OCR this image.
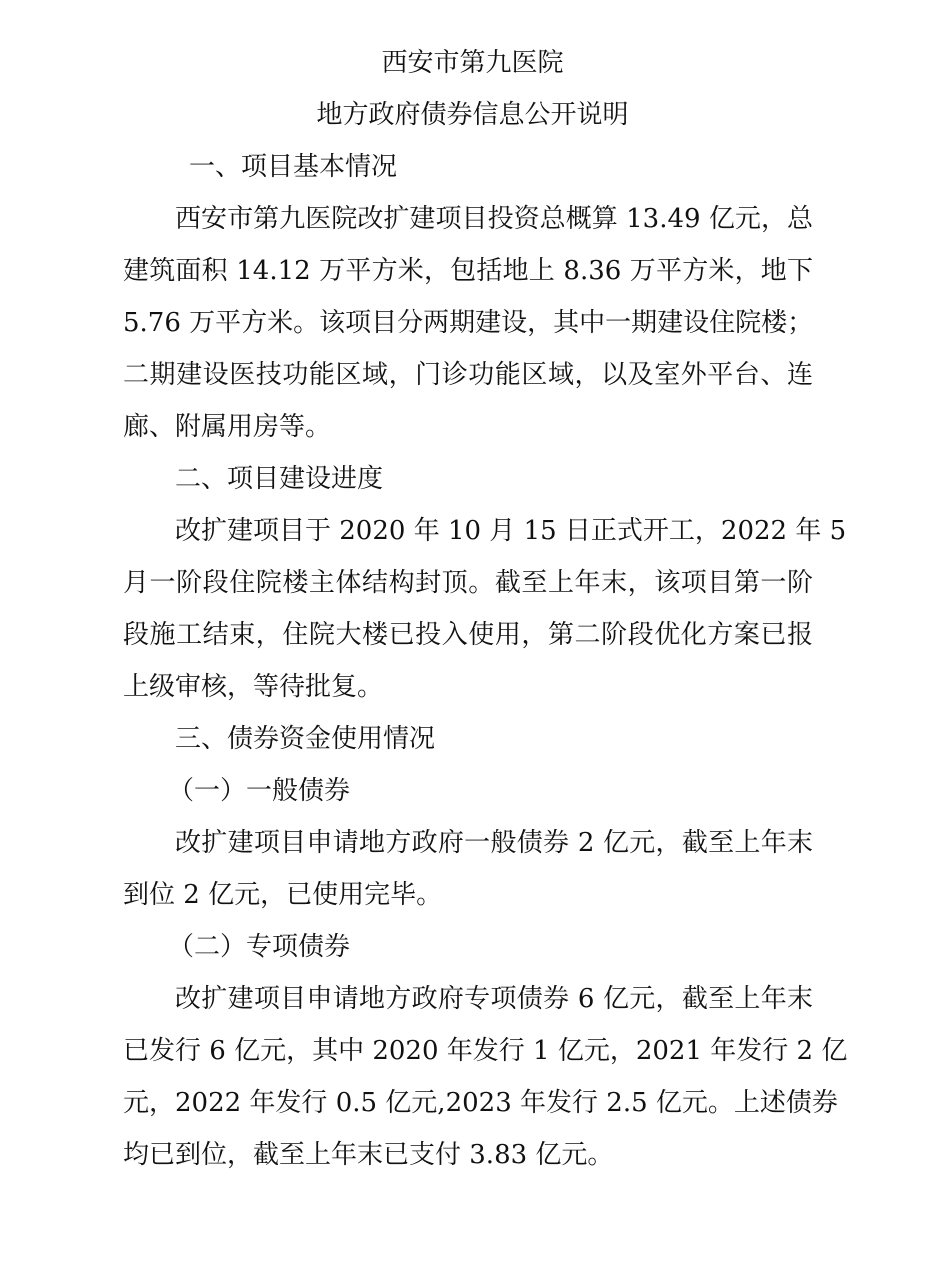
西安市第九医院
地方政府债券信息公开说明
一、项目基本情况
西安市第九医院改扩建项目投资总概算 13.49 亿元，总
建筑面积 14.12 万平方米，包括地上 8.36 万平方米，地下
5.76 万平方米。该项目分两期建设，其中一期建设住院楼；
二期建设医技功能区域，门诊功能区域，以及室外平台、连
廊、附属用房等。
二、项目建设进度
改扩建项目于 2020 年 10 月 15 日正式开工，2022 年 5
月一阶段住院楼主体结构封顶。截至上年末，该项目第一阶
段施工结束，住院大楼已投入使用，第二阶段优化方案已报
上级审核，等待批复。
三、债券资金使用情况
（一）一般债券
改扩建项目申请地方政府一般债券 2 亿元，截至上年末
到位 2 亿元，已使用完毕。
（二）专项债券
改扩建项目申请地方政府专项债券 6 亿元，截至上年末
已发行 6 亿元，其中 2020 年发行 1 亿元，2021 年发行 2 亿
元，2022 年发行 0.5 亿元,2023 年发行 2.5 亿元。上述债券
均已到位，截至上年末已支付 3.83 亿元。
